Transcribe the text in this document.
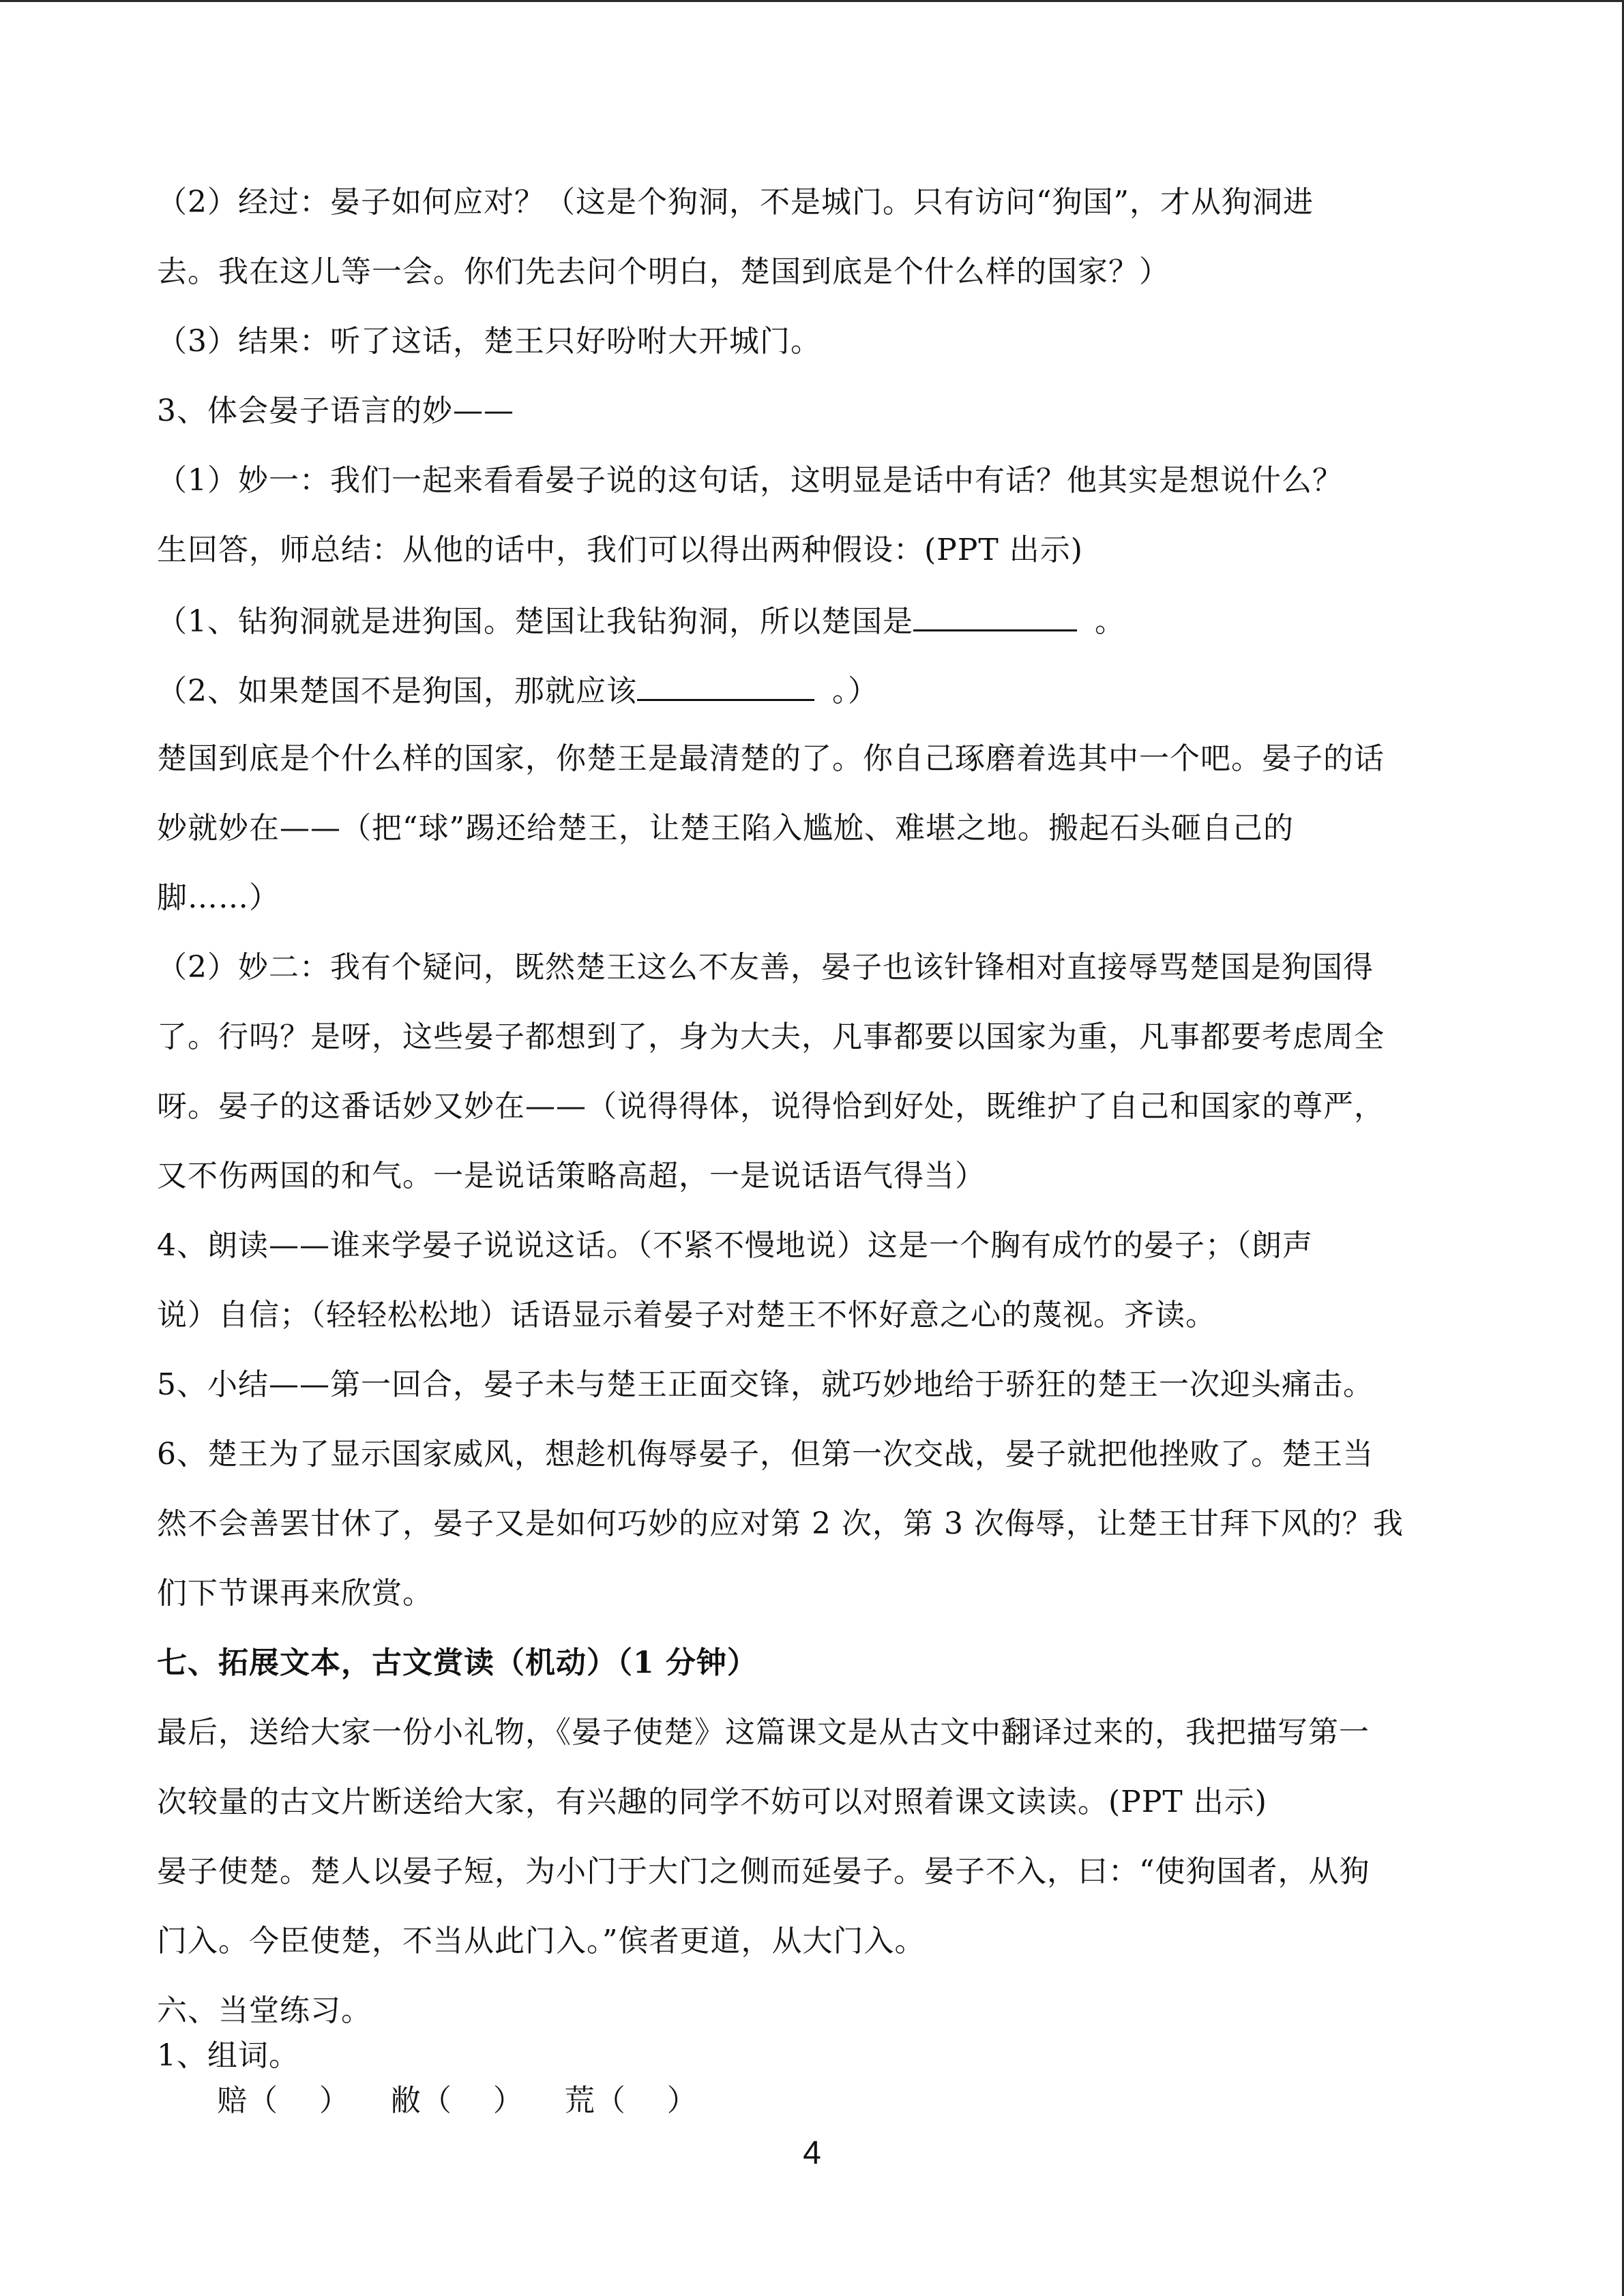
（2）经过：晏子如何应对？（这是个狗洞，不是城门。只有访问“狗国”，才从狗洞进
去。我在这儿等一会。你们先去问个明白，楚国到底是个什么样的国家？）
（3）结果：听了这话，楚王只好吩咐大开城门。
3、体会晏子语言的妙——
（1）妙一：我们一起来看看晏子说的这句话，这明显是话中有话？他其实是想说什么？
生回答，师总结：从他的话中，我们可以得出两种假设：(PPT 出示)
（1、钻狗洞就是进狗国。楚国让我钻狗洞，所以楚国是	。
（2、如果楚国不是狗国，那就应该	。）
楚国到底是个什么样的国家，你楚王是最清楚的了。你自己琢磨着选其中一个吧。晏子的话
妙就妙在——（把“球”踢还给楚王，让楚王陷入尴尬、难堪之地。搬起石头砸自己的
脚……）
（2）妙二：我有个疑问，既然楚王这么不友善，晏子也该针锋相对直接辱骂楚国是狗国得
了。行吗？是呀，这些晏子都想到了，身为大夫，凡事都要以国家为重，凡事都要考虑周全
呀。晏子的这番话妙又妙在——（说得得体，说得恰到好处，既维护了自己和国家的尊严，
又不伤两国的和气。一是说话策略高超，一是说话语气得当）
4、朗读——谁来学晏子说说这话。（不紧不慢地说）这是一个胸有成竹的晏子；（朗声
说）自信；（轻轻松松地）话语显示着晏子对楚王不怀好意之心的蔑视。齐读。
5、小结——第一回合，晏子未与楚王正面交锋，就巧妙地给于骄狂的楚王一次迎头痛击。
6、楚王为了显示国家威风，想趁机侮辱晏子，但第一次交战，晏子就把他挫败了。楚王当
然不会善罢甘休了，晏子又是如何巧妙的应对第 2 次，第 3 次侮辱，让楚王甘拜下风的？我
们下节课再来欣赏。
七、拓展文本，古文赏读（机动）（1 分钟）
最后，送给大家一份小礼物，《晏子使楚》这篇课文是从古文中翻译过来的，我把描写第一
次较量的古文片断送给大家，有兴趣的同学不妨可以对照着课文读读。(PPT 出示)
晏子使楚。楚人以晏子短，为小门于大门之侧而延晏子。晏子不入，曰：“使狗国者，从狗
门入。今臣使楚，不当从此门入。”傧者更道，从大门入。
六、当堂练习。
1、组词。
赔（    ）    敝（    ）    荒（    ）
4
